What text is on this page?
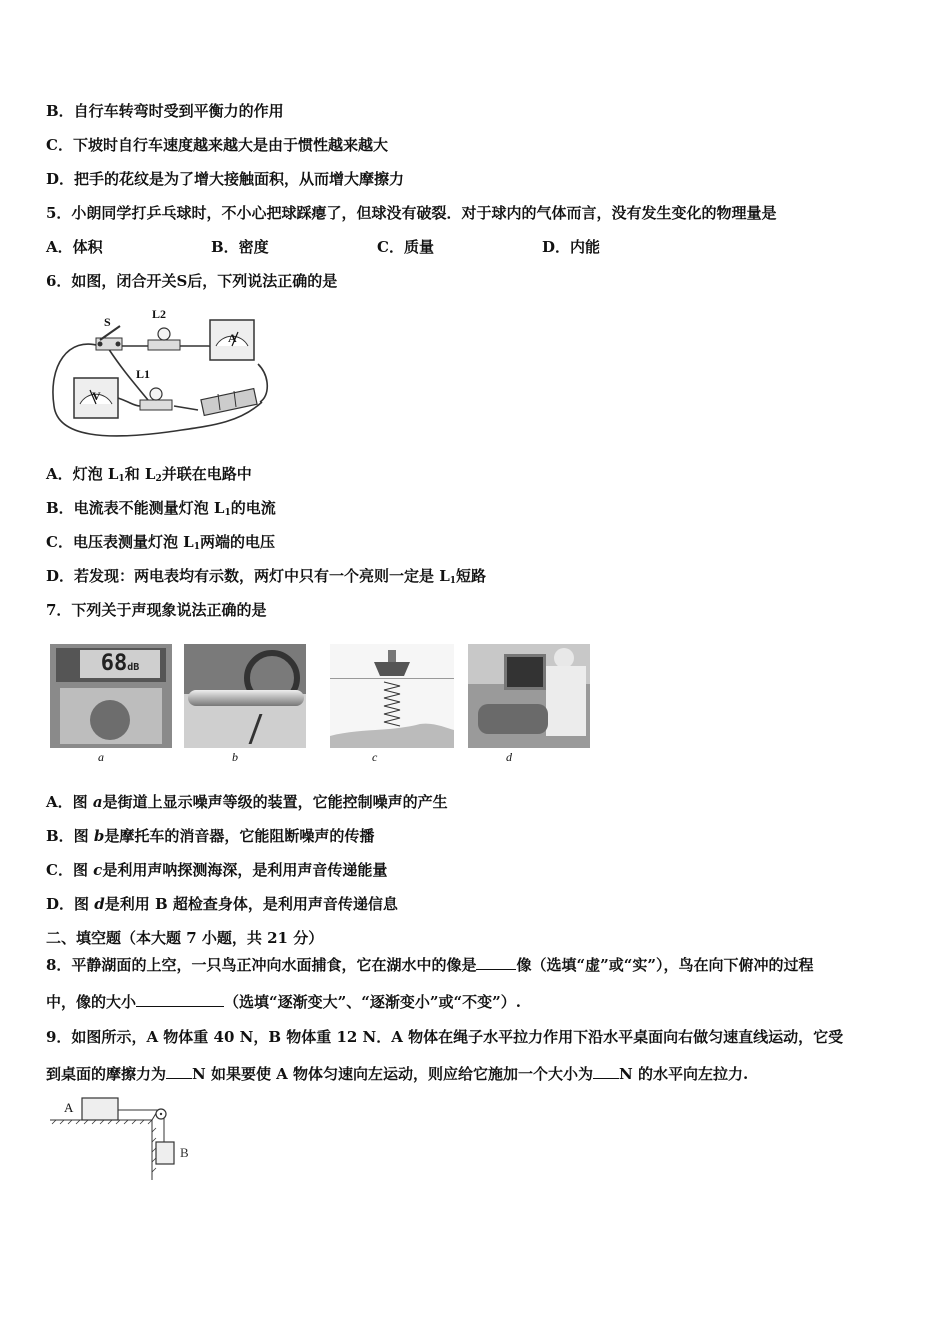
B．自行车转弯时受到平衡力的作用
C．下坡时自行车速度越来越大是由于惯性越来越大
D．把手的花纹是为了增大接触面积，从而增大摩擦力
5．小朗同学打乒乓球时，不小心把球踩瘪了，但球没有破裂．对于球内的气体而言，没有发生变化的物理量是
A．体积	B．密度	C．质量	D．内能
6．如图，闭合开关S后，下列说法正确的是
S
L2
L1
A
V
A．灯泡 $L_1$和 $L_2$并联在电路中
B．电流表不能测量灯泡 $L_1$的电流
C．电压表测量灯泡 $L_1$两端的电压
D．若发现：两电表均有示数，两灯中只有一个亮则一定是 $L_1$短路
7．下列关于声现象说法正确的是
68dB
a	b	c	d
A．图 a是街道上显示噪声等级的装置，它能控制噪声的产生
B．图 b是摩托车的消音器，它能阻断噪声的传播
C．图 c是利用声呐探测海深，是利用声音传递能量
D．图 d是利用 B 超检查身体，是利用声音传递信息
二、填空题（本大题 7 小题，共 21 分）
8．平静湖面的上空，一只鸟正冲向水面捕食，它在湖水中的像是	像（选填“虚”或“实”），鸟在向下俯冲的过程
中，像的大小	（选填“逐渐变大”、“逐渐变小”或“不变”）.
9．如图所示，A 物体重 40 N，B 物体重 12 N．A 物体在绳子水平拉力作用下沿水平桌面向右做匀速直线运动，它受
到桌面的摩擦力为 N 如果要使 A 物体匀速向左运动，则应给它施加一个大小为 N 的水平向左拉力.
A
B
